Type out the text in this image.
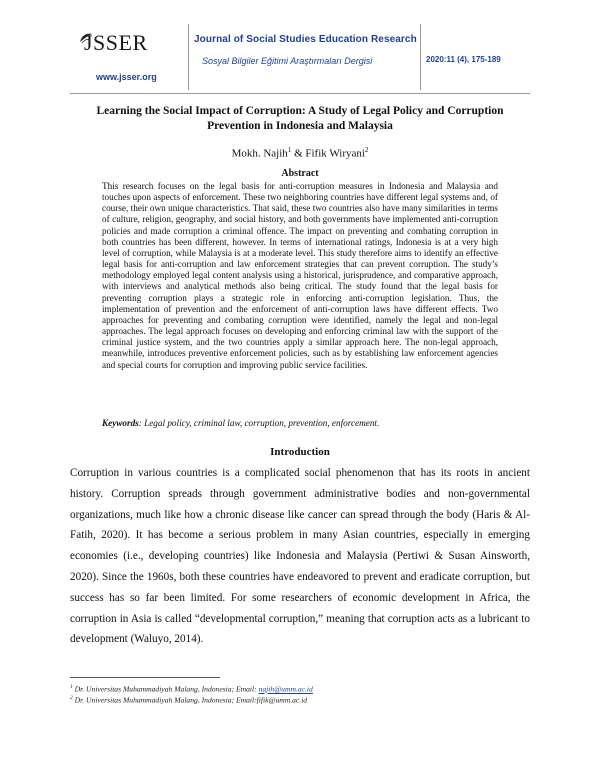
JSSER
www.jsser.org
Journal of Social Studies Education Research
Sosyal Bilgiler Eğitimi Araştırmaları Dergisi	2020:11 (4), 175-189
Learning the Social Impact of Corruption: A Study of Legal Policy and Corruption Prevention in Indonesia and Malaysia
Mokh. Najih$^1$ & Fifik Wiryani$^2$
Abstract
This research focuses on the legal basis for anti-corruption measures in Indonesia and Malaysia and touches upon aspects of enforcement. These two neighboring countries have different legal systems and, of course, their own unique characteristics. That said, these two countries also have many similarities in terms of culture, religion, geography, and social history, and both governments have implemented anti-corruption policies and made corruption a criminal offence. The impact on preventing and combating corruption in both countries has been different, however. In terms of international ratings, Indonesia is at a very high level of corruption, while Malaysia is at a moderate level. This study therefore aims to identify an effective legal basis for anti-corruption and law enforcement strategies that can prevent corruption. The study’s methodology employed legal content analysis using a historical, jurisprudence, and comparative approach, with interviews and analytical methods also being critical. The study found that the legal basis for preventing corruption plays a strategic role in enforcing anti-corruption legislation. Thus, the implementation of prevention and the enforcement of anti-corruption laws have different effects. Two approaches for preventing and combating corruption were identified, namely the legal and non-legal approaches. The legal approach focuses on developing and enforcing criminal law with the support of the criminal justice system, and the two countries apply a similar approach here. The non-legal approach, meanwhile, introduces preventive enforcement policies, such as by establishing law enforcement agencies and special courts for corruption and improving public service facilities.
Keywords: Legal policy, criminal law, corruption, prevention, enforcement.
Introduction
Corruption in various countries is a complicated social phenomenon that has its roots in ancient history. Corruption spreads through government administrative bodies and non-governmental organizations, much like how a chronic disease like cancer can spread through the body (Haris & Al-Fatih, 2020). It has become a serious problem in many Asian countries, especially in emerging economies (i.e., developing countries) like Indonesia and Malaysia (Pertiwi & Susan Ainsworth, 2020). Since the 1960s, both these countries have endeavored to prevent and eradicate corruption, but success has so far been limited. For some researchers of economic development in Africa, the corruption in Asia is called “developmental corruption,” meaning that corruption acts as a lubricant to development (Waluyo, 2014).
$^1$ Dr. Universitas Muhammadiyah Malang, Indonesia; Email: najih@umm.ac.id
$^2$ Dr. Universitas Muhammadiyah Malang, Indonesia; Email:fifik@umm.ac.id
